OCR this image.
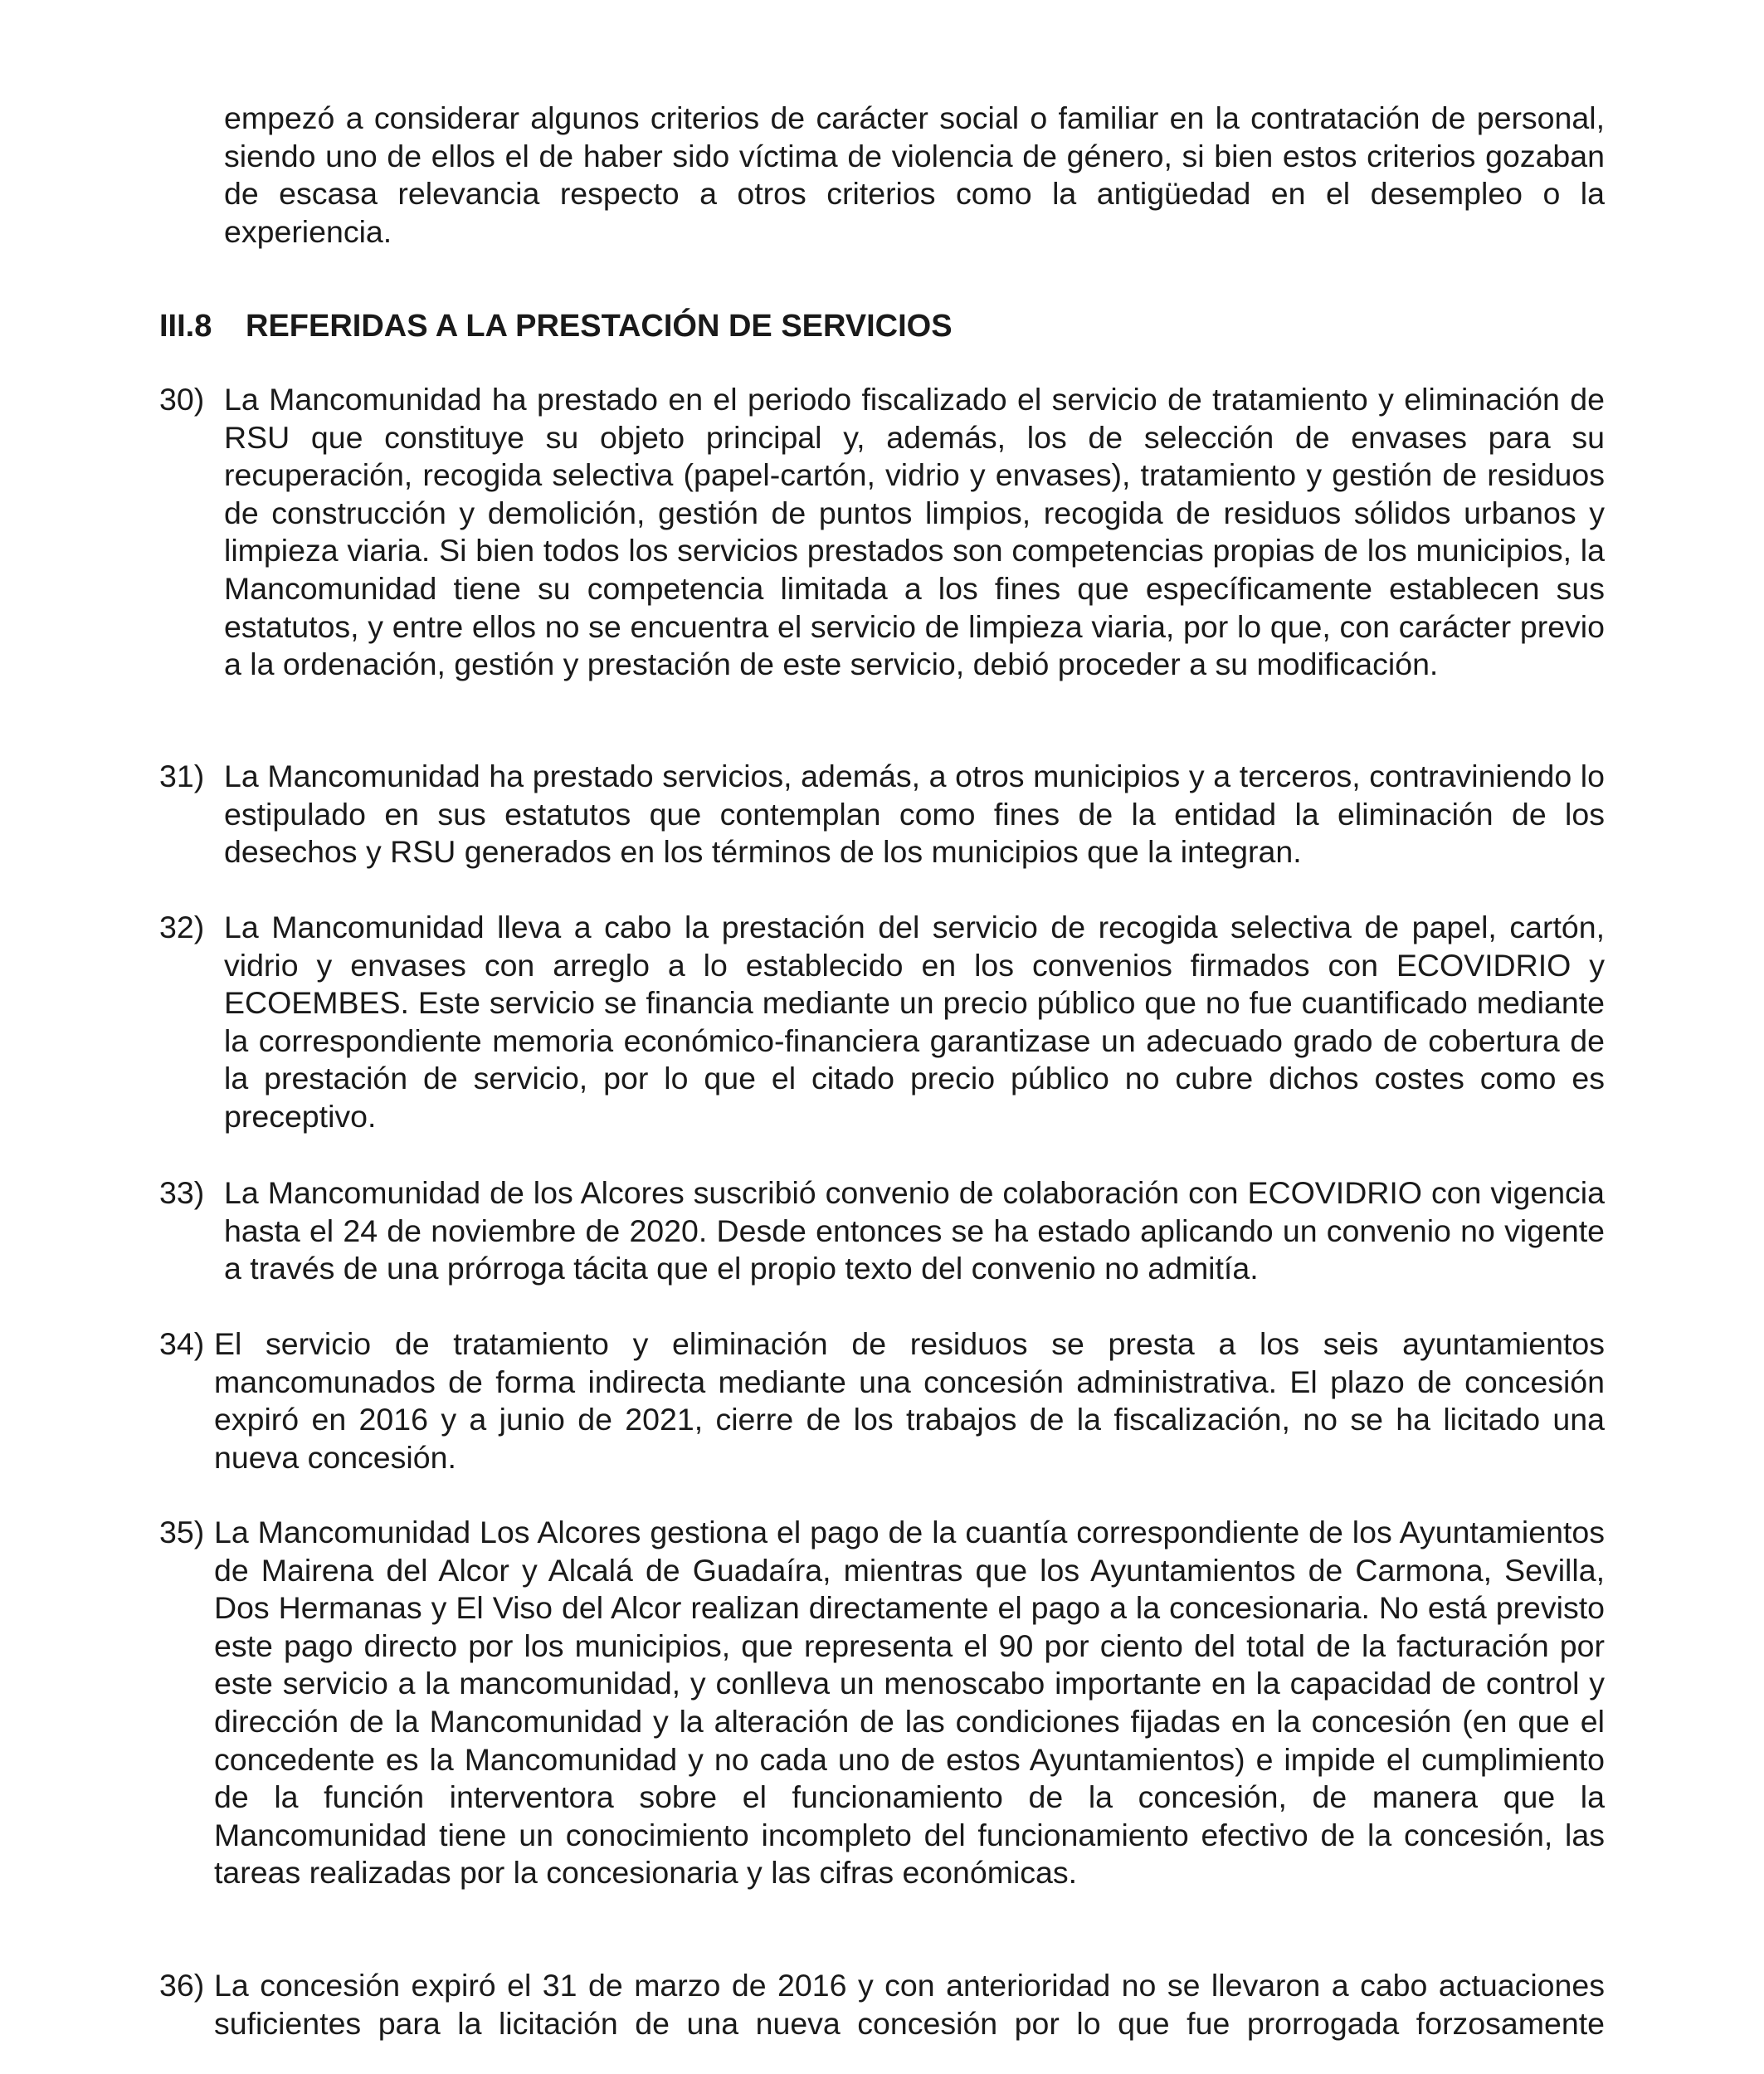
empezó a considerar algunos criterios de carácter social o familiar en la contratación de personal, siendo uno de ellos el de haber sido víctima de violencia de género, si bien estos criterios gozaban de escasa relevancia respecto a otros criterios como la antigüedad en el desempleo o la experiencia.

III.8 REFERIDAS A LA PRESTACIÓN DE SERVICIOS
30) La Mancomunidad ha prestado en el periodo fiscalizado el servicio de tratamiento y eliminación de RSU que constituye su objeto principal y, además, los de selección de envases para su recuperación, recogida selectiva (papel-cartón, vidrio y envases), tratamiento y gestión de residuos de construcción y demolición, gestión de puntos limpios, recogida de residuos sólidos urbanos y limpieza viaria. Si bien todos los servicios prestados son competencias propias de los municipios, la Mancomunidad tiene su competencia limitada a los fines que específicamente establecen sus estatutos, y entre ellos no se encuentra el servicio de limpieza viaria, por lo que, con carácter previo a la ordenación, gestión y prestación de este servicio, debió proceder a su modificación.

31) La Mancomunidad ha prestado servicios, además, a otros municipios y a terceros, contraviniendo lo estipulado en sus estatutos que contemplan como fines de la entidad la eliminación de los desechos y RSU generados en los términos de los municipios que la integran.

32) La Mancomunidad lleva a cabo la prestación del servicio de recogida selectiva de papel, cartón, vidrio y envases con arreglo a lo establecido en los convenios firmados con ECOVIDRIO y ECOEMBES. Este servicio se financia mediante un precio público que no fue cuantificado mediante la correspondiente memoria económico-financiera garantizase un adecuado grado de cobertura de la prestación de servicio, por lo que el citado precio público no cubre dichos costes como es preceptivo.

33) La Mancomunidad de los Alcores suscribió convenio de colaboración con ECOVIDRIO con vigencia hasta el 24 de noviembre de 2020. Desde entonces se ha estado aplicando un convenio no vigente a través de una prórroga tácita que el propio texto del convenio no admitía.

34) El servicio de tratamiento y eliminación de residuos se presta a los seis ayuntamientos mancomunados de forma indirecta mediante una concesión administrativa. El plazo de concesión expiró en 2016 y a junio de 2021, cierre de los trabajos de la fiscalización, no se ha licitado una nueva concesión.

35) La Mancomunidad Los Alcores gestiona el pago de la cuantía correspondiente de los Ayuntamientos de Mairena del Alcor y Alcalá de Guadaíra, mientras que los Ayuntamientos de Carmona, Sevilla, Dos Hermanas y El Viso del Alcor realizan directamente el pago a la concesionaria. No está previsto este pago directo por los municipios, que representa el 90 por ciento del total de la facturación por este servicio a la mancomunidad, y conlleva un menoscabo importante en la capacidad de control y dirección de la Mancomunidad y la alteración de las condiciones fijadas en la concesión (en que el concedente es la Mancomunidad y no cada uno de estos Ayuntamientos) e impide el cumplimiento de la función interventora sobre el funcionamiento de la concesión, de manera que la Mancomunidad tiene un conocimiento incompleto del funcionamiento efectivo de la concesión, las tareas realizadas por la concesionaria y las cifras económicas.

36) La concesión expiró el 31 de marzo de 2016 y con anterioridad no se llevaron a cabo actuaciones suficientes para la licitación de una nueva concesión por lo que fue prorrogada forzosamente
